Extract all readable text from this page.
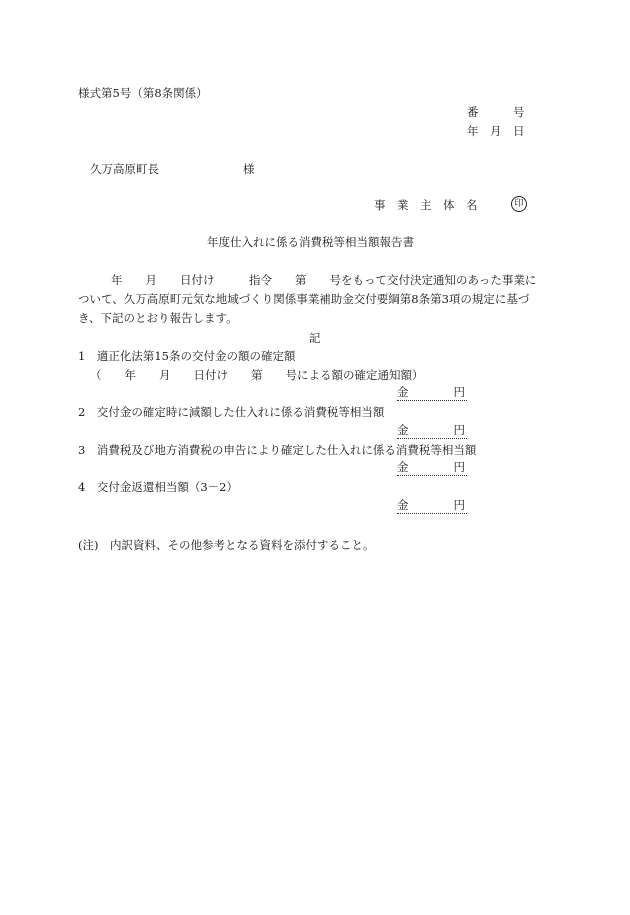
様式第5号（第8条関係）
番　　　号
年　月　日
久万高原町長	様
事　業　主　体　名	印
年度仕入れに係る消費税等相当額報告書
年　　月　　日付け　　　指令　　第　　号をもって交付決定通知のあった事業に
ついて、久万高原町元気な地域づくり関係事業補助金交付要綱第8条第3項の規定に基づ
き、下記のとおり報告します。
記
1　適正化法第15条の交付金の額の確定額
（　　年　　月　　日付け　　第　　号による額の確定通知額）
金	円
2　交付金の確定時に減額した仕入れに係る消費税等相当額
金	円
3　消費税及び地方消費税の申告により確定した仕入れに係る消費税等相当額
金	円
4　交付金返還相当額（3－2）
金	円
(注)　内訳資料、その他参考となる資料を添付すること。
